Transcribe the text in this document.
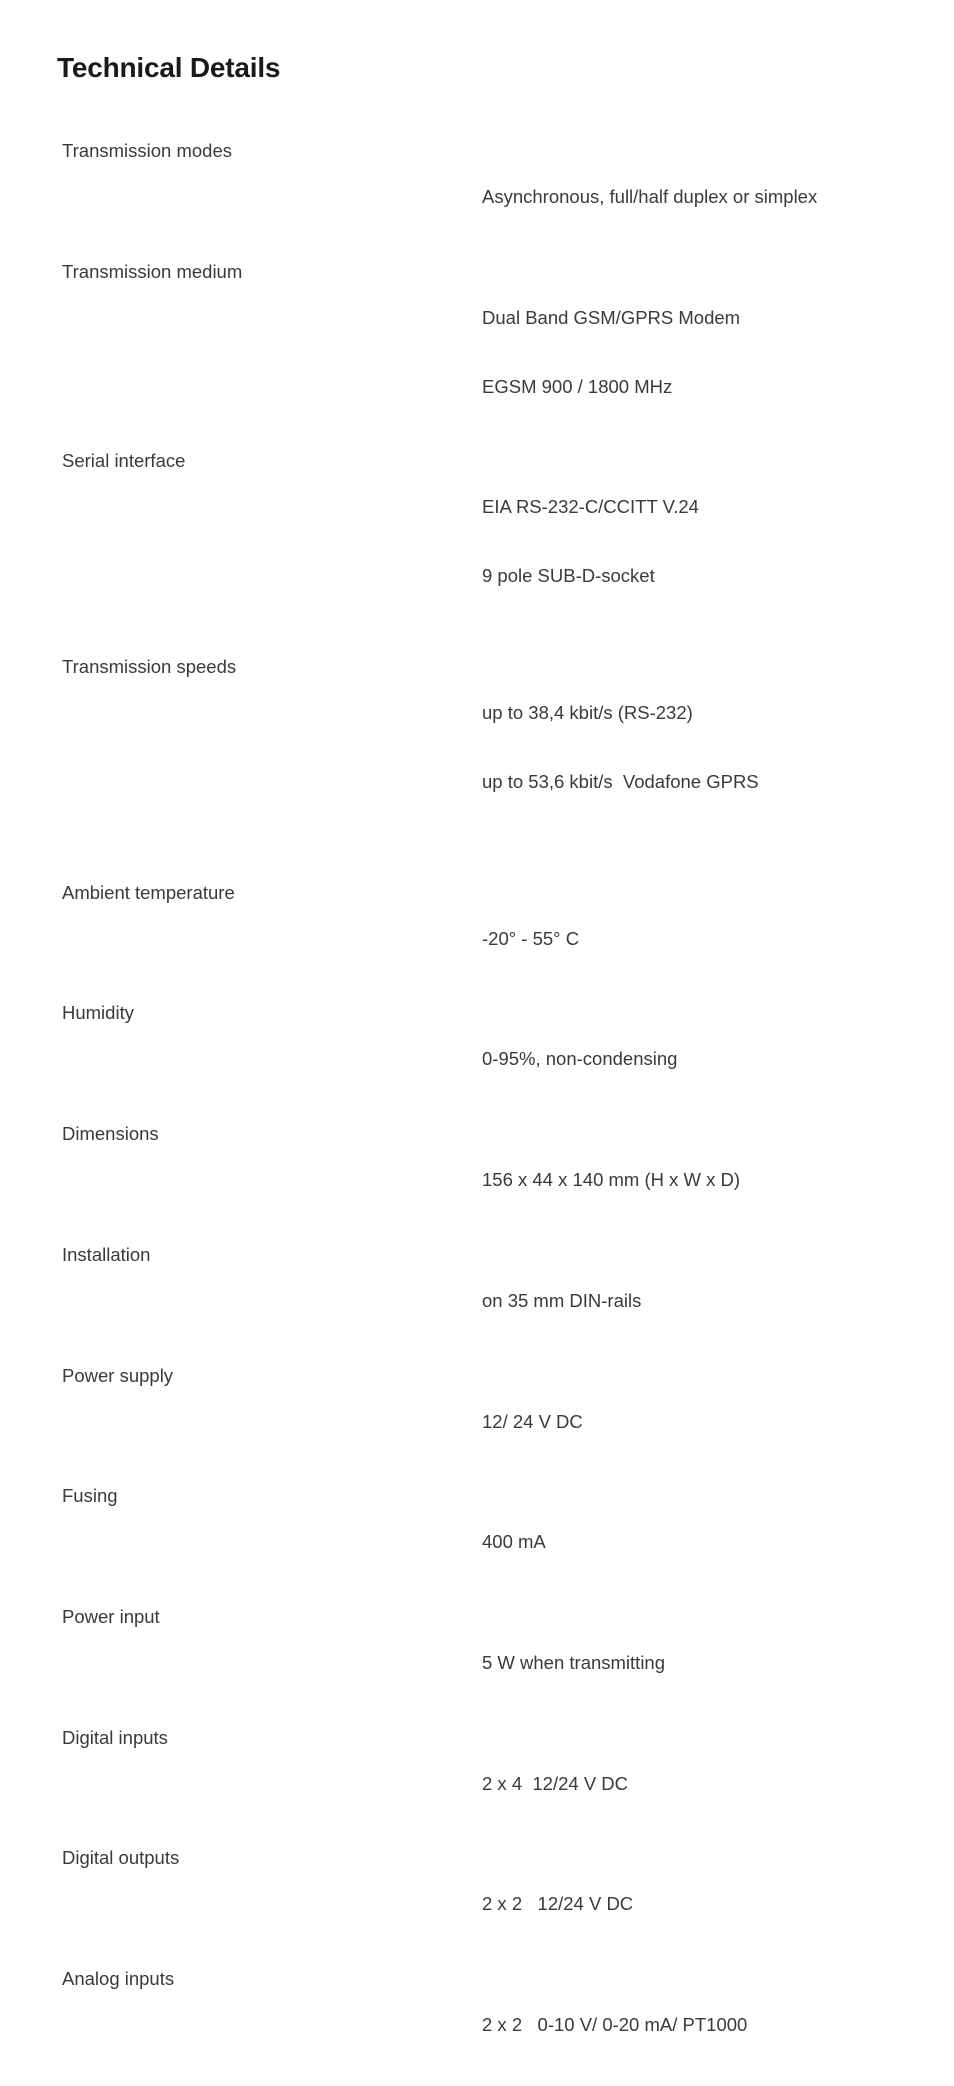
Technical Details
Transmission modes

Asynchronous, full/half duplex or simplex

Transmission medium

Dual Band GSM/GPRS Modem

EGSM 900 / 1800 MHz

Serial interface

EIA RS-232-C/CCITT V.24

9 pole SUB-D-socket

Transmission speeds

up to 38,4 kbit/s (RS-232)

up to 53,6 kbit/s  Vodafone GPRS

Ambient temperature

-20° - 55° C

Humidity

0-95%, non-condensing

Dimensions

156 x 44 x 140 mm (H x W x D)

Installation

on 35 mm DIN-rails

Power supply

12/ 24 V DC

Fusing

400 mA

Power input

5 W when transmitting

Digital inputs

2 x 4  12/24 V DC

Digital outputs

2 x 2   12/24 V DC

Analog inputs

2 x 2   0-10 V/ 0-20 mA/ PT1000
